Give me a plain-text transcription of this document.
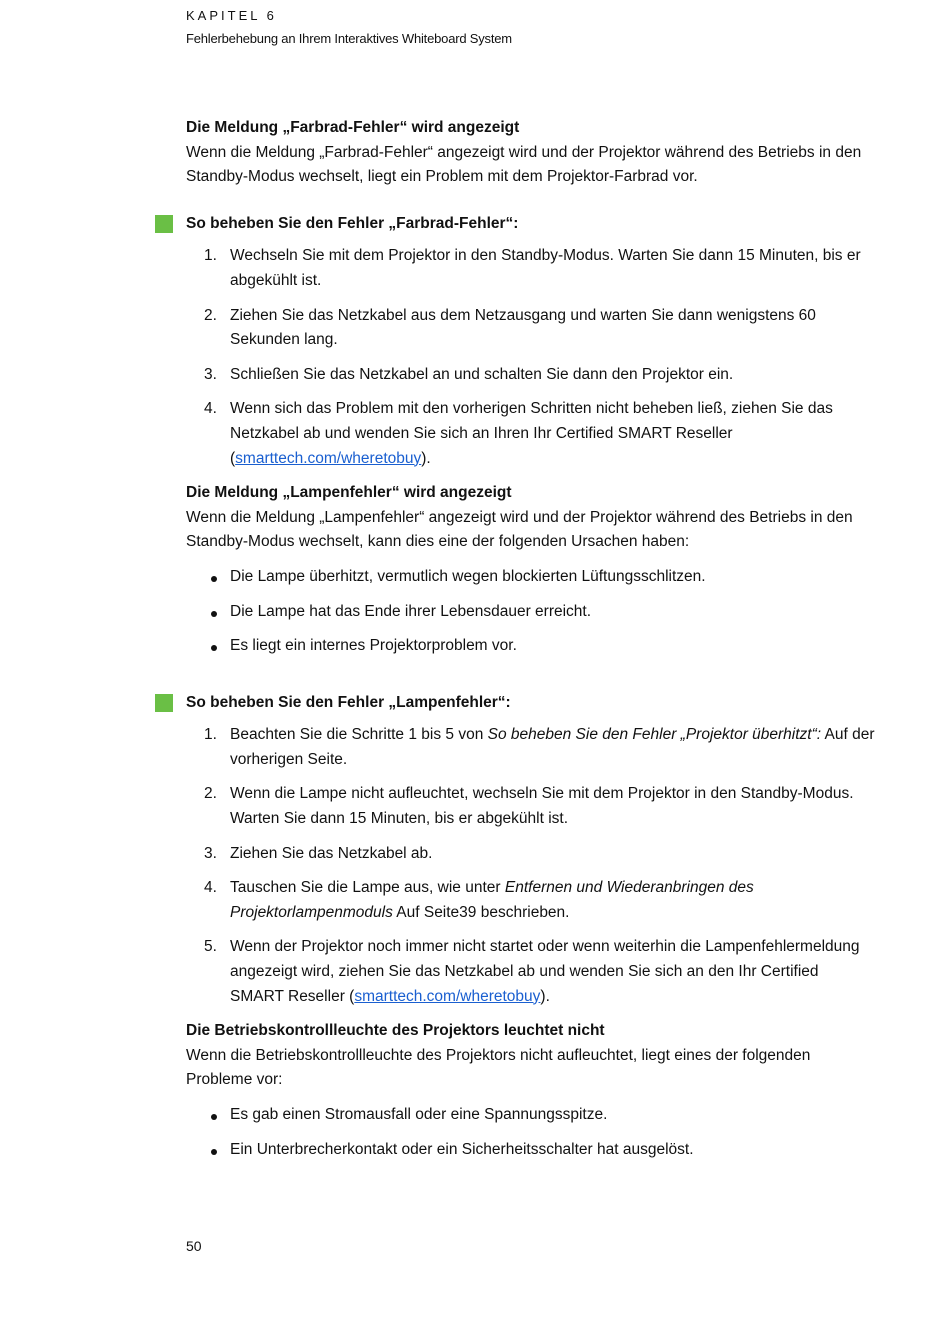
KAPITEL 6

Fehlerbehebung an Ihrem Interaktives Whiteboard System

Die Meldung „Farbrad-Fehler“ wird angezeigt

Wenn die Meldung „Farbrad-Fehler“ angezeigt wird und der Projektor während des Betriebs in den Standby-Modus wechselt, liegt ein Problem mit dem Projektor-Farbrad vor.

So beheben Sie den Fehler „Farbrad-Fehler“:

1. Wechseln Sie mit dem Projektor in den Standby-Modus. Warten Sie dann 15 Minuten, bis er abgekühlt ist.
2. Ziehen Sie das Netzkabel aus dem Netzausgang und warten Sie dann wenigstens 60 Sekunden lang.
3. Schließen Sie das Netzkabel an und schalten Sie dann den Projektor ein.
4. Wenn sich das Problem mit den vorherigen Schritten nicht beheben ließ, ziehen Sie das Netzkabel ab und wenden Sie sich an Ihren Ihr Certified SMART Reseller (smarttech.com/wheretobuy).
Die Meldung „Lampenfehler“ wird angezeigt

Wenn die Meldung „Lampenfehler“ angezeigt wird und der Projektor während des Betriebs in den Standby-Modus wechselt, kann dies eine der folgenden Ursachen haben:

Die Lampe überhitzt, vermutlich wegen blockierten Lüftungsschlitzen.
Die Lampe hat das Ende ihrer Lebensdauer erreicht.
Es liegt ein internes Projektorproblem vor.

So beheben Sie den Fehler „Lampenfehler“:

1. Beachten Sie die Schritte 1 bis 5 von So beheben Sie den Fehler „Projektor überhitzt“: Auf der vorherigen Seite.
2. Wenn die Lampe nicht aufleuchtet, wechseln Sie mit dem Projektor in den Standby-Modus. Warten Sie dann 15 Minuten, bis er abgekühlt ist.
3. Ziehen Sie das Netzkabel ab.
4. Tauschen Sie die Lampe aus, wie unter Entfernen und Wiederanbringen des Projektorlampenmoduls Auf Seite39 beschrieben.
5. Wenn der Projektor noch immer nicht startet oder wenn weiterhin die Lampenfehlermeldung angezeigt wird, ziehen Sie das Netzkabel ab und wenden Sie sich an den Ihr Certified SMART Reseller (smarttech.com/wheretobuy).
Die Betriebskontrollleuchte des Projektors leuchtet nicht

Wenn die Betriebskontrollleuchte des Projektors nicht aufleuchtet, liegt eines der folgenden Probleme vor:

Es gab einen Stromausfall oder eine Spannungsspitze.
Ein Unterbrecherkontakt oder ein Sicherheitsschalter hat ausgelöst.

50
